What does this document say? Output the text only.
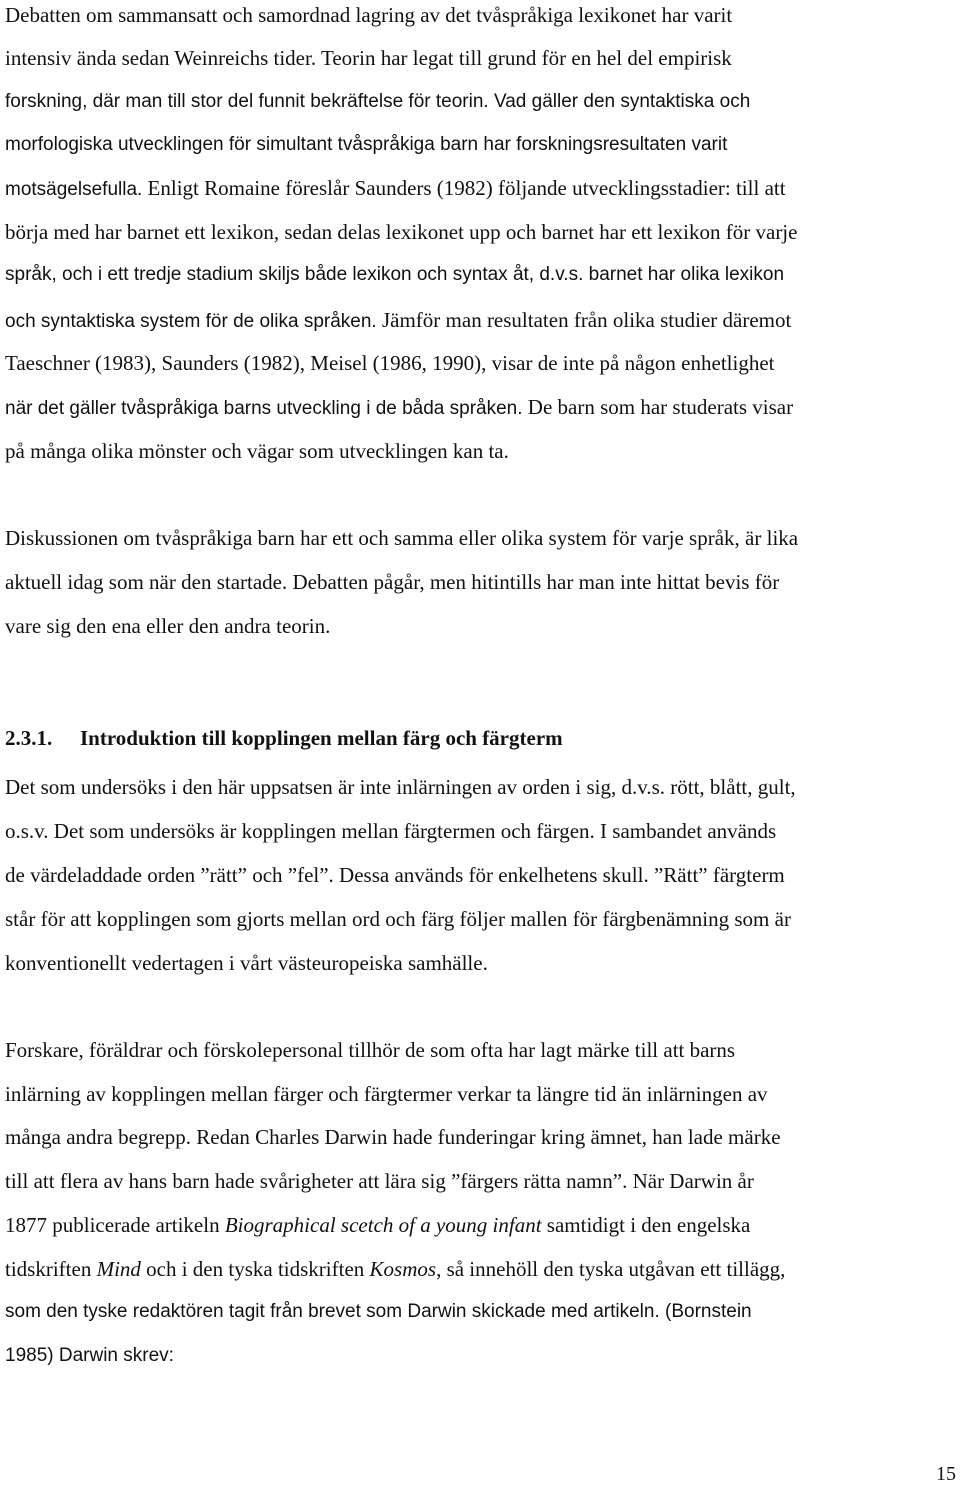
Debatten om sammansatt och samordnad lagring av det tvåspråkiga lexikonet har varit
intensiv ända sedan Weinreichs tider. Teorin har legat till grund för en hel del empirisk
forskning, där man till stor del funnit bekräftelse för teorin. Vad gäller den syntaktiska och
morfologiska utvecklingen för simultant tvåspråkiga barn har forskningsresultaten varit
motsägelsefulla. Enligt Romaine föreslår Saunders (1982) följande utvecklingsstadier: till att
börja med har barnet ett lexikon, sedan delas lexikonet upp och barnet har ett lexikon för varje
språk, och i ett tredje stadium skiljs både lexikon och syntax åt, d.v.s. barnet har olika lexikon
och syntaktiska system för de olika språken. Jämför man resultaten från olika studier däremot
Taeschner (1983), Saunders (1982), Meisel (1986, 1990), visar de inte på någon enhetlighet
när det gäller tvåspråkiga barns utveckling i de båda språken. De barn som har studerats visar
på många olika mönster och vägar som utvecklingen kan ta.
Diskussionen om tvåspråkiga barn har ett och samma eller olika system för varje språk, är lika
aktuell idag som när den startade. Debatten pågår, men hitintills har man inte hittat bevis för
vare sig den ena eller den andra teorin.
2.3.1. Introduktion till kopplingen mellan färg och färgterm
Det som undersöks i den här uppsatsen är inte inlärningen av orden i sig, d.v.s. rött, blått, gult,
o.s.v. Det som undersöks är kopplingen mellan färgtermen och färgen. I sambandet används
de värdeladdade orden ”rätt” och ”fel”. Dessa används för enkelhetens skull. ”Rätt” färgterm
står för att kopplingen som gjorts mellan ord och färg följer mallen för färgbenämning som är
konventionellt vedertagen i vårt västeuropeiska samhälle.
Forskare, föräldrar och förskolepersonal tillhör de som ofta har lagt märke till att barns
inlärning av kopplingen mellan färger och färgtermer verkar ta längre tid än inlärningen av
många andra begrepp. Redan Charles Darwin hade funderingar kring ämnet, han lade märke
till att flera av hans barn hade svårigheter att lära sig ”färgers rätta namn”. När Darwin år
1877 publicerade artikeln Biographical scetch of a young infant samtidigt i den engelska
tidskriften Mind och i den tyska tidskriften Kosmos, så innehöll den tyska utgåvan ett tillägg,
som den tyske redaktören tagit från brevet som Darwin skickade med artikeln. (Bornstein
1985) Darwin skrev:
15
